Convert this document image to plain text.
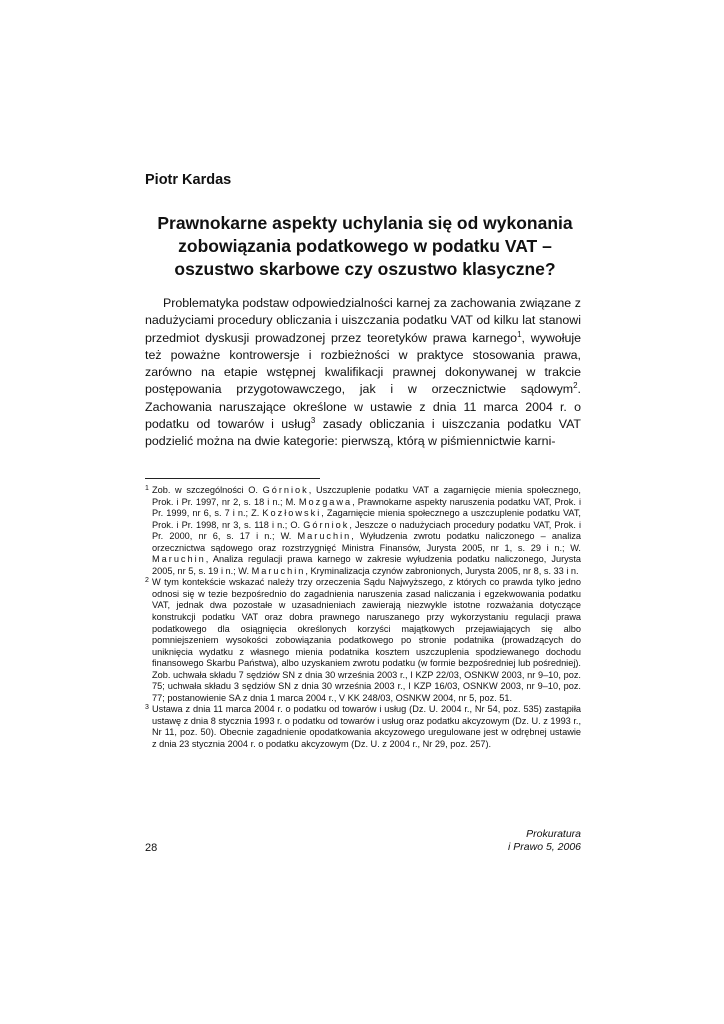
Piotr Kardas
Prawnokarne aspekty uchylania się od wykonania zobowiązania podatkowego w podatku VAT – oszustwo skarbowe czy oszustwo klasyczne?

Problematyka podstaw odpowiedzialności karnej za zachowania związane z nadużyciami procedury obliczania i uiszczania podatku VAT od kilku lat stanowi przedmiot dyskusji prowadzonej przez teoretyków prawa karnego$^1$, wywołuje też poważne kontrowersje i rozbieżności w praktyce stosowania prawa, zarówno na etapie wstępnej kwalifikacji prawnej dokonywanej w trakcie postępowania przygotowawczego, jak i w orzecznictwie sądowym$^2$. Zachowania naruszające określone w ustawie z dnia 11 marca 2004 r. o podatku od towarów i usług$^3$ zasady obliczania i uiszczania podatku VAT podzielić można na dwie kategorie: pierwszą, którą w piśmiennictwie karni-

1 Zob. w szczególności O. Górniok, Uszczuplenie podatku VAT a zagarnięcie mienia społecznego, Prok. i Pr. 1997, nr 2, s. 18 i n.; M. Mozgawa, Prawnokarne aspekty naruszenia podatku VAT, Prok. i Pr. 1999, nr 6, s. 7 i n.; Z. Kozłowski, Zagarnięcie mienia społecznego a uszczuplenie podatku VAT, Prok. i Pr. 1998, nr 3, s. 118 i n.; O. Górniok, Jeszcze o nadużyciach procedury podatku VAT, Prok. i Pr. 2000, nr 6, s. 17 i n.; W. Maruchin, Wyłudzenia zwrotu podatku naliczonego – analiza orzecznictwa sądowego oraz rozstrzygnięć Ministra Finansów, Jurysta 2005, nr 1, s. 29 i n.; W. Maruchin, Analiza regulacji prawa karnego w zakresie wyłudzenia podatku naliczonego, Jurysta 2005, nr 5, s. 19 i n.; W. Maruchin, Kryminalizacja czynów zabronionych, Jurysta 2005, nr 8, s. 33 i n.

2 W tym kontekście wskazać należy trzy orzeczenia Sądu Najwyższego, z których co prawda tylko jedno odnosi się w tezie bezpośrednio do zagadnienia naruszenia zasad naliczania i egzekwowania podatku VAT, jednak dwa pozostałe w uzasadnieniach zawierają niezwykle istotne rozważania dotyczące konstrukcji podatku VAT oraz dobra prawnego naruszanego przy wykorzystaniu regulacji prawa podatkowego dla osiągnięcia określonych korzyści majątkowych przejawiających się albo pomniejszeniem wysokości zobowiązania podatkowego po stronie podatnika (prowadzących do uniknięcia wydatku z własnego mienia podatnika kosztem uszczuplenia spodziewanego dochodu finansowego Skarbu Państwa), albo uzyskaniem zwrotu podatku (w formie bezpośredniej lub pośredniej). Zob. uchwała składu 7 sędziów SN z dnia 30 września 2003 r., I KZP 22/03, OSNKW 2003, nr 9–10, poz. 75; uchwała składu 3 sędziów SN z dnia 30 września 2003 r., I KZP 16/03, OSNKW 2003, nr 9–10, poz. 77; postanowienie SA z dnia 1 marca 2004 r., V KK 248/03, OSNKW 2004, nr 5, poz. 51.

3 Ustawa z dnia 11 marca 2004 r. o podatku od towarów i usług (Dz. U. 2004 r., Nr 54, poz. 535) zastąpiła ustawę z dnia 8 stycznia 1993 r. o podatku od towarów i usług oraz podatku akcyzowym (Dz. U. z 1993 r., Nr 11, poz. 50). Obecnie zagadnienie opodatkowania akcyzowego uregulowane jest w odrębnej ustawie z dnia 23 stycznia 2004 r. o podatku akcyzowym (Dz. U. z 2004 r., Nr 29, poz. 257).

28
Prokuratura
i Prawo 5, 2006
